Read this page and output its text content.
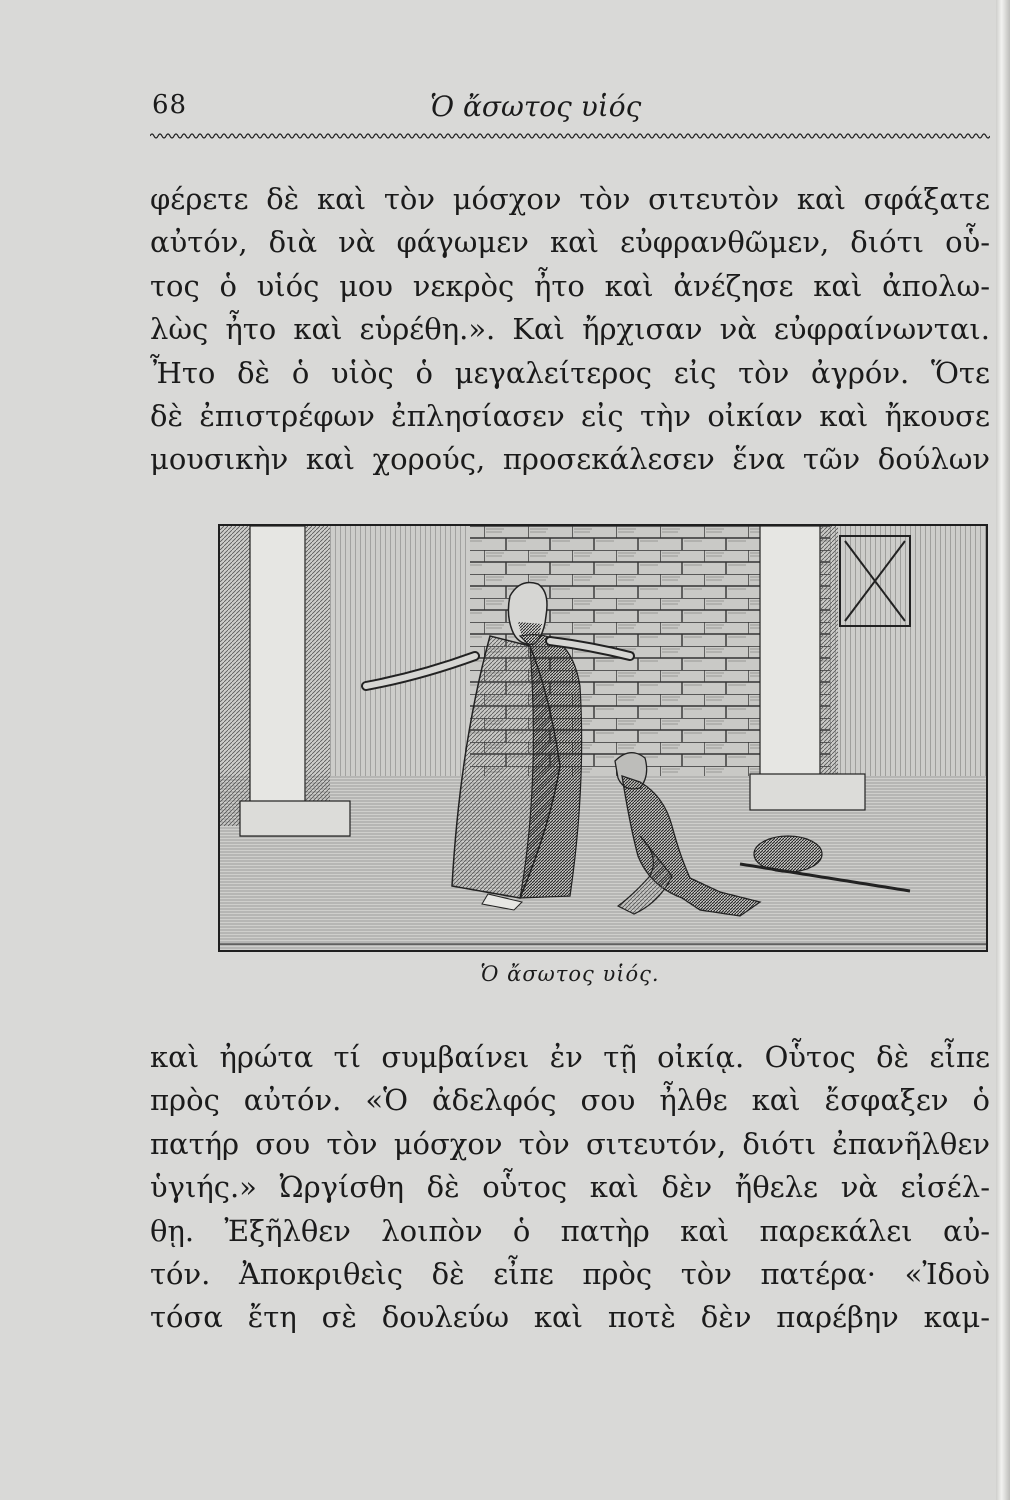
68	Ὁ ἄσωτος υἱός

φέρετε δὲ καὶ τὸν μόσχον τὸν σιτευτὸν καὶ σφάξατε
αὐτόν, διὰ νὰ φάγωμεν καὶ εὐφρανθῶμεν, διότι οὗ-
τος ὁ υἱός μου νεκρὸς ἦτο καὶ ἀνέζησε καὶ ἀπολω-
λὼς ἦτο καὶ εὑρέθη.». Καὶ ἤρχισαν νὰ εὐφραίνωνται.
Ἦτο δὲ ὁ υἱὸς ὁ μεγαλείτερος εἰς τὸν ἀγρόν. Ὅτε
δὲ ἐπιστρέφων ἐπλησίασεν εἰς τὴν οἰκίαν καὶ ἤκουσε
μουσικὴν καὶ χορούς, προσεκάλεσεν ἕνα τῶν δούλων

Ὁ ἄσωτος υἱός.

καὶ ἠρώτα τί συμβαίνει ἐν τῇ οἰκίᾳ. Οὗτος δὲ εἶπε
πρὸς αὐτόν. «Ὁ ἀδελφός σου ἦλθε καὶ ἔσφαξεν ὁ
πατήρ σου τὸν μόσχον τὸν σιτευτόν, διότι ἐπανῆλθεν
ὑγιής.» Ὠργίσθη δὲ οὗτος καὶ δὲν ἤθελε νὰ εἰσέλ-
θῃ. Ἐξῆλθεν λοιπὸν ὁ πατὴρ καὶ παρεκάλει αὐ-
τόν. Ἀποκριθεὶς δὲ εἶπε πρὸς τὸν πατέρα· «Ἰδοὺ
τόσα ἔτη σὲ δουλεύω καὶ ποτὲ δὲν παρέβην καμ-
